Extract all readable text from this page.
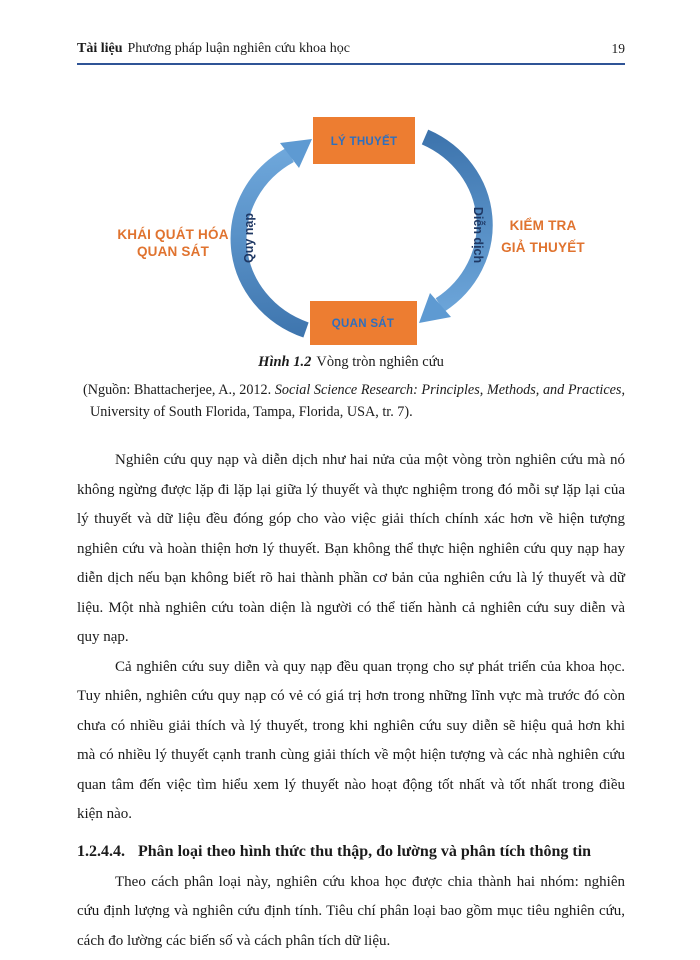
Tài liệu Phương pháp luận nghiên cứu khoa học	19
LÝ THUYẾT
QUAN SÁT
Quy nạp	Diễn dịch
KHÁI QUÁT HÓA
QUAN SÁT
KIỂM TRA
GIẢ THUYẾT
Hình 1.2 Vòng tròn nghiên cứu
(Nguồn: Bhattacherjee, A., 2012. Social Science Research: Principles, Methods, and Practices, University of South Florida, Tampa, Florida, USA, tr. 7).

Nghiên cứu quy nạp và diễn dịch như hai nửa của một vòng tròn nghiên cứu mà nó không ngừng được lặp đi lặp lại giữa lý thuyết và thực nghiệm trong đó mỗi sự lặp lại của lý thuyết và dữ liệu đều đóng góp cho vào việc giải thích chính xác hơn về hiện tượng nghiên cứu và hoàn thiện hơn lý thuyết. Bạn không thể thực hiện nghiên cứu quy nạp hay diễn dịch nếu bạn không biết rõ hai thành phần cơ bản của nghiên cứu là lý thuyết và dữ liệu. Một nhà nghiên cứu toàn diện là người có thể tiến hành cả nghiên cứu suy diễn và quy nạp.

Cả nghiên cứu suy diễn và quy nạp đều quan trọng cho sự phát triển của khoa học. Tuy nhiên, nghiên cứu quy nạp có vẻ có giá trị hơn trong những lĩnh vực mà trước đó còn chưa có nhiều giải thích và lý thuyết, trong khi nghiên cứu suy diễn sẽ hiệu quả hơn khi mà có nhiều lý thuyết cạnh tranh cùng giải thích về một hiện tượng và các nhà nghiên cứu quan tâm đến việc tìm hiểu xem lý thuyết nào hoạt động tốt nhất và tốt nhất trong điều kiện nào.

1.2.4.4. Phân loại theo hình thức thu thập, đo lường và phân tích thông tin

Theo cách phân loại này, nghiên cứu khoa học được chia thành hai nhóm: nghiên cứu định lượng và nghiên cứu định tính. Tiêu chí phân loại bao gồm mục tiêu nghiên cứu, cách đo lường các biến số và cách phân tích dữ liệu.
